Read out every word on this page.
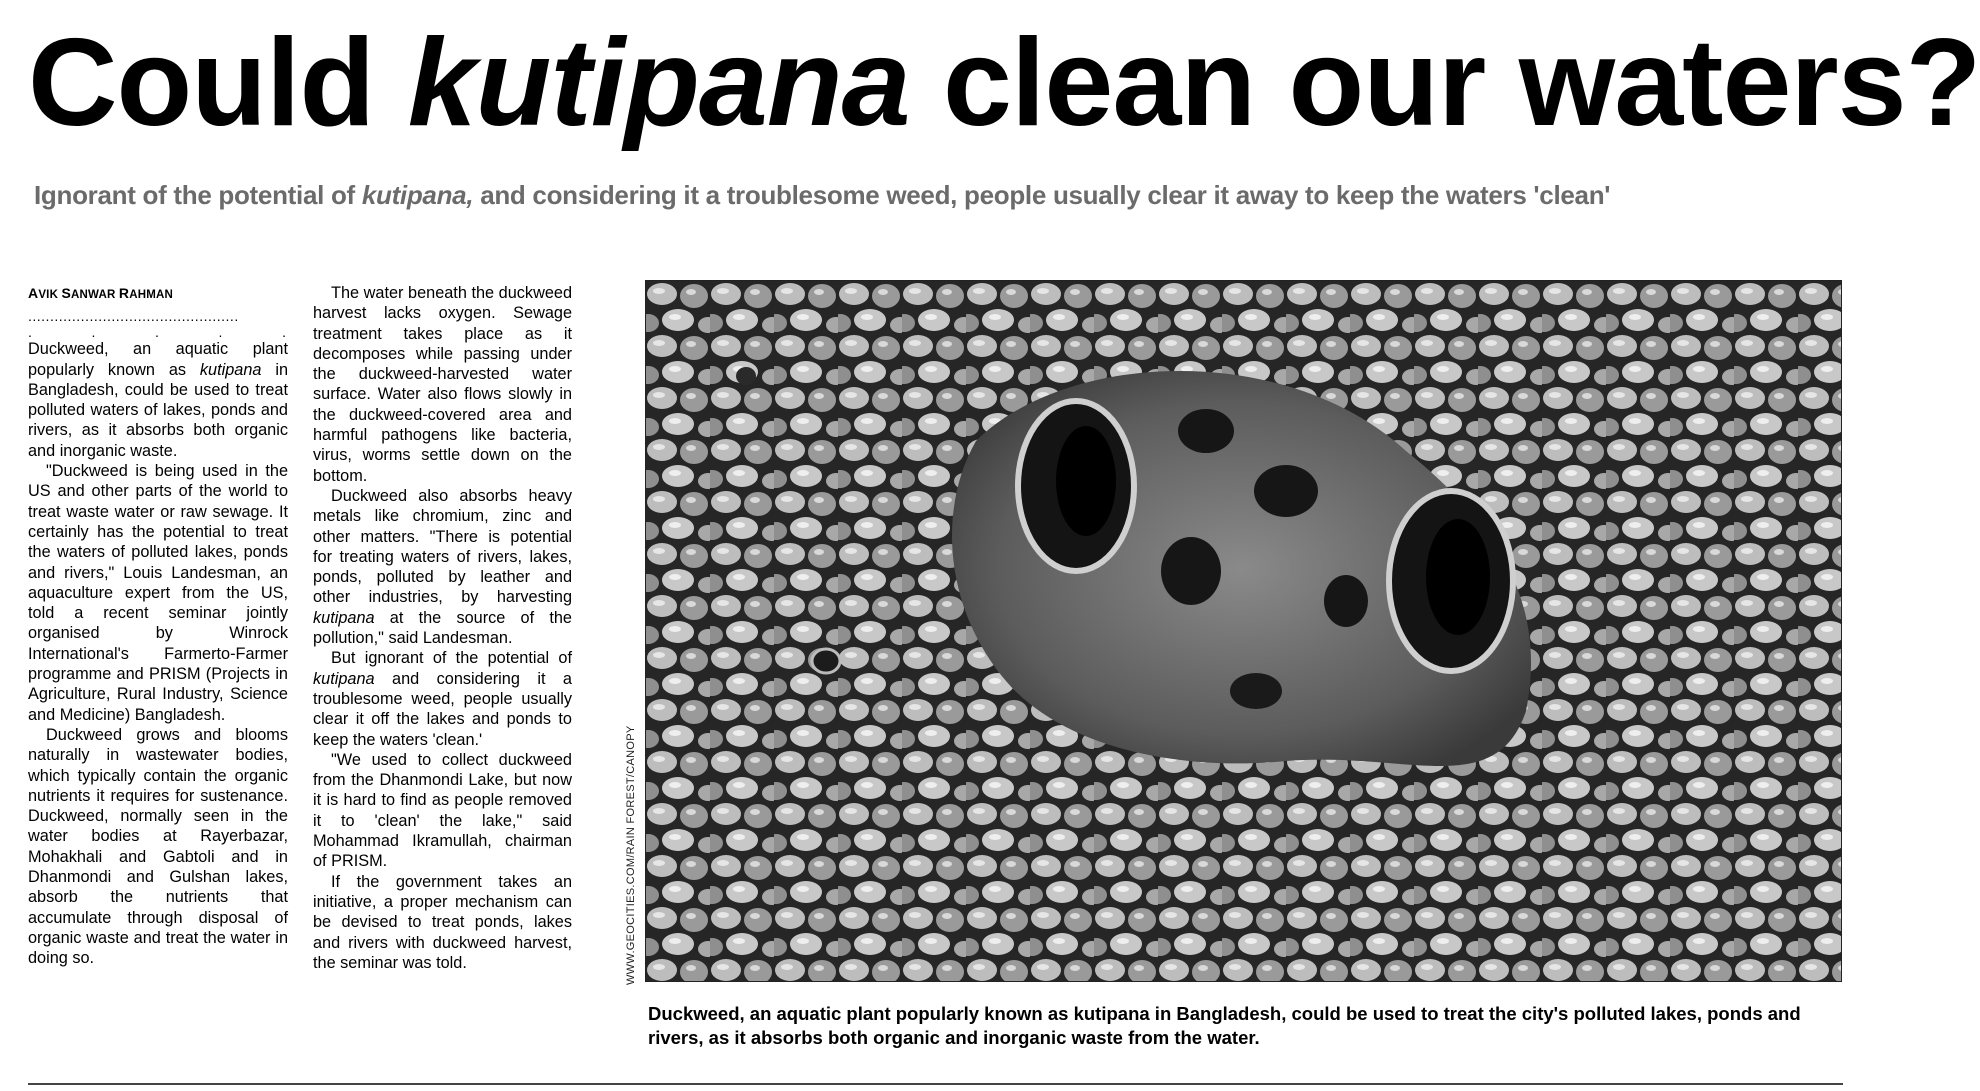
Could kutipana clean our waters?
Ignorant of the potential of kutipana, and considering it a troublesome weed, people usually clear it away to keep the waters 'clean'
AVIK SANWAR RAHMAN
................................................
.	.	.	.	.

Duckweed, an aquatic plant popularly known as kutipana in Bangladesh, could be used to treat polluted waters of lakes, ponds and rivers, as it absorbs both organic and inorganic waste.

"Duckweed is being used in the US and other parts of the world to treat waste water or raw sewage. It certainly has the potential to treat the waters of polluted lakes, ponds and rivers," Louis Landesman, an aquaculture expert from the US, told a recent seminar jointly organised by Winrock International's Farmerto-Farmer programme and PRISM (Projects in Agriculture, Rural Industry, Science and Medicine) Bangladesh.

Duckweed grows and blooms naturally in wastewater bodies, which typically contain the organic nutrients it requires for sustenance. Duckweed, normally seen in the water bodies at Rayerbazar, Mohakhali and Gabtoli and in Dhanmondi and Gulshan lakes, absorb the nutrients that accumulate through disposal of organic waste and treat the water in doing so.

The water beneath the duckweed harvest lacks oxygen. Sewage treatment takes place as it decomposes while passing under the duckweed-harvested water surface. Water also flows slowly in the duckweed-covered area and harmful pathogens like bacteria, virus, worms settle down on the bottom.

Duckweed also absorbs heavy metals like chromium, zinc and other matters. "There is potential for treating waters of rivers, lakes, ponds, polluted by leather and other industries, by harvesting kutipana at the source of the pollution," said Landesman.

But ignorant of the potential of kutipana and considering it a troublesome weed, people usually clear it off the lakes and ponds to keep the waters 'clean.'

"We used to collect duckweed from the Dhanmondi Lake, but now it is hard to find as people removed it to 'clean' the lake," said Mohammad Ikramullah, chairman of PRISM.

If the government takes an initiative, a proper mechanism can be devised to treat ponds, lakes and rivers with duckweed harvest, the seminar was told.	WWW.GEOCITIES.COM/RAIN FOREST/CANOPY
Duckweed, an aquatic plant popularly known as kutipana in Bangladesh, could be used to treat the city's polluted lakes, ponds and rivers, as it absorbs both organic and inorganic waste from the water.
